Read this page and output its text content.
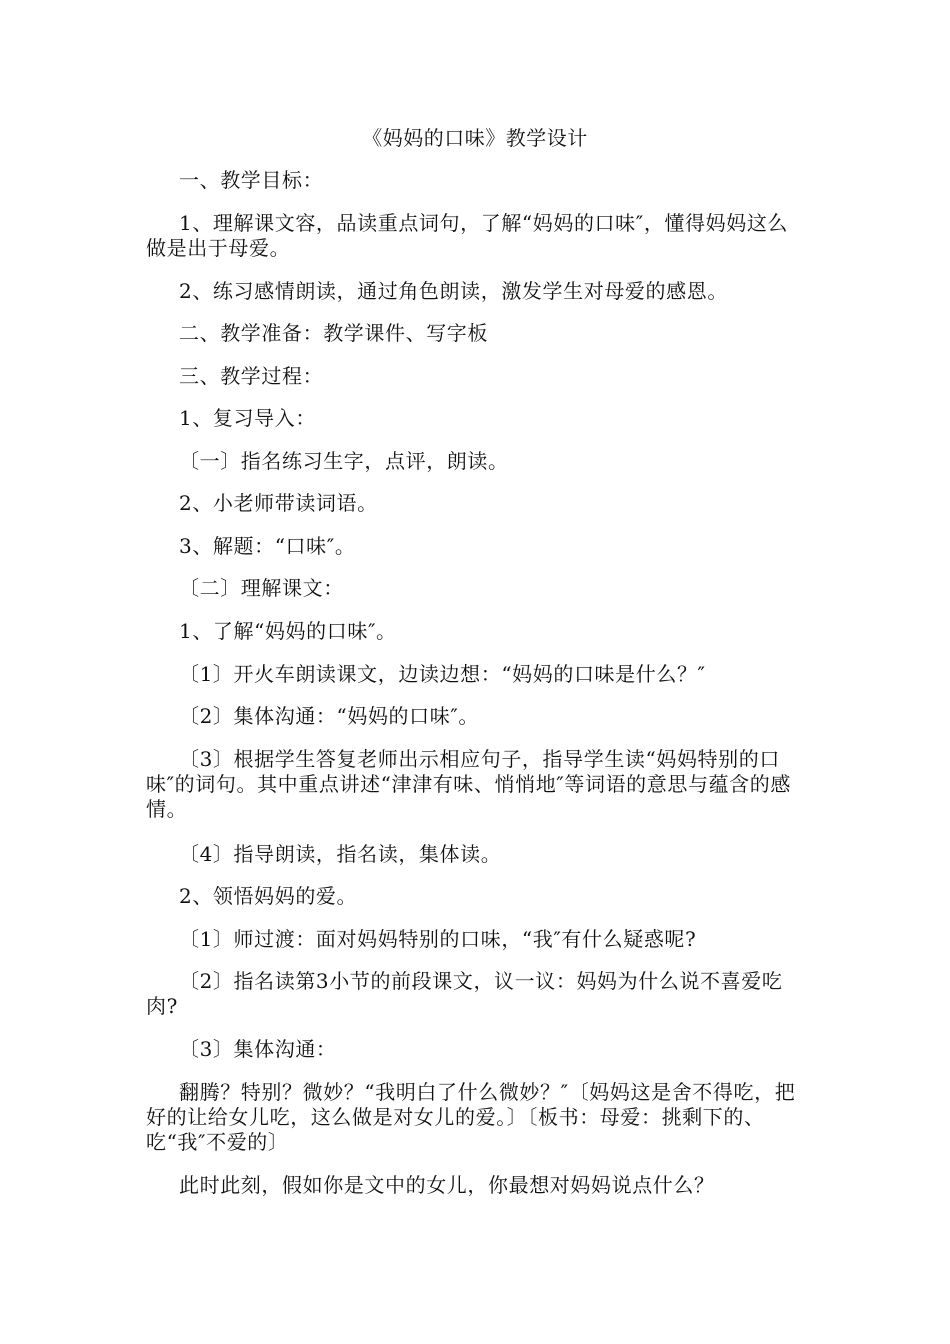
《妈妈的口味》教学设计

一、教学目标：

1、理解课文容，品读重点词句，了解“妈妈的口味″，懂得妈妈这么做是出于母爱。

2、练习感情朗读，通过角色朗读，激发学生对母爱的感恩。

二、教学准备：教学课件、写字板

三、教学过程：

1、复习导入：

〔一〕指名练习生字，点评，朗读。

2、小老师带读词语。

3、解题：“口味″。

〔二〕理解课文：

1、了解“妈妈的口味″。

〔1〕开火车朗读课文，边读边想：“妈妈的口味是什么？″

〔2〕集体沟通：“妈妈的口味″。

〔3〕根据学生答复老师出示相应句子，指导学生读“妈妈特别的口味″的词句。其中重点讲述“津津有味、悄悄地″等词语的意思与蕴含的感情。

〔4〕指导朗读，指名读，集体读。

2、领悟妈妈的爱。

〔1〕师过渡：面对妈妈特别的口味，“我″有什么疑惑呢?

〔2〕指名读第3小节的前段课文，议一议：妈妈为什么说不喜爱吃肉?

〔3〕集体沟通：

翻腾？特别？微妙？“我明白了什么微妙？″〔妈妈这是舍不得吃，把好的让给女儿吃，这么做是对女儿的爱。〕〔板书：母爱：挑剩下的、吃“我″不爱的〕

此时此刻，假如你是文中的女儿，你最想对妈妈说点什么？
